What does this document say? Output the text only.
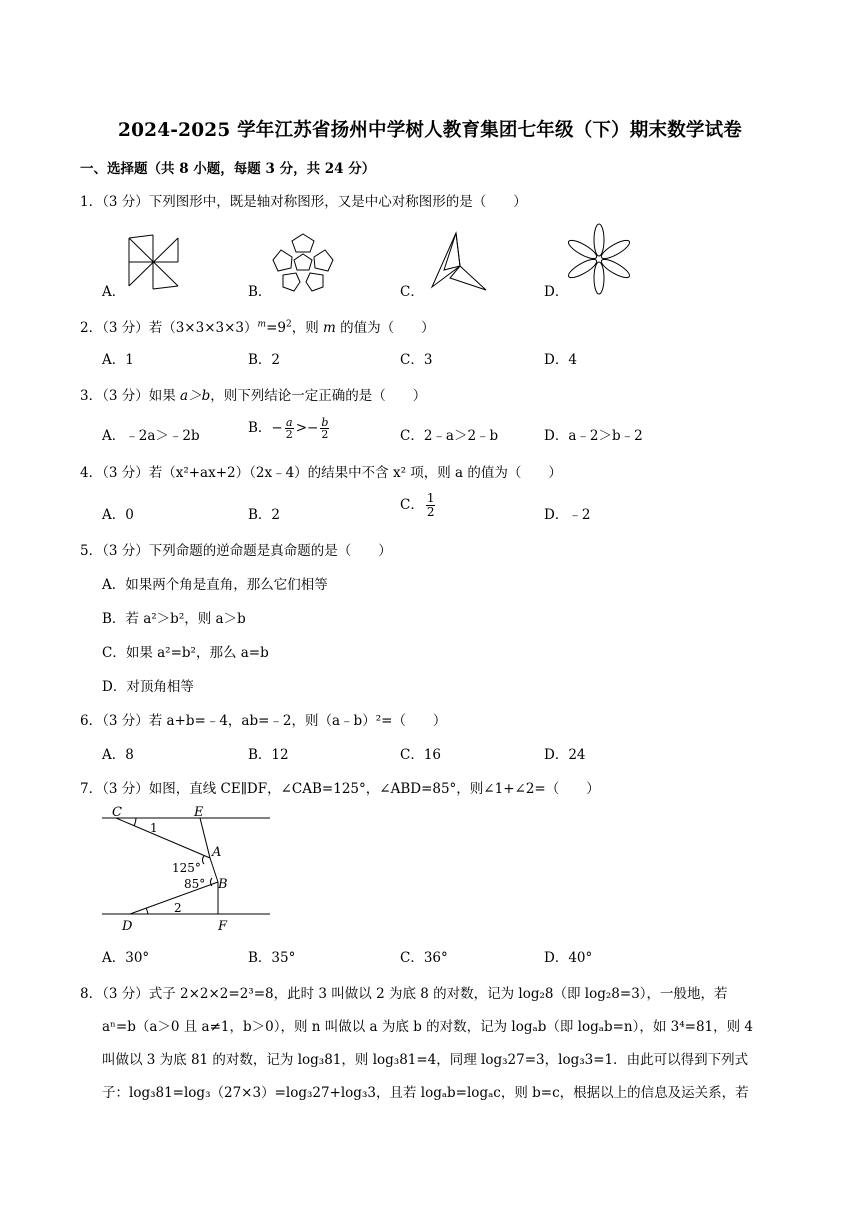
2024-2025 学年江苏省扬州中学树人教育集团七年级（下）期末数学试卷
一、选择题（共 8 小题，每题 3 分，共 24 分）
1．（3 分）下列图形中，既是轴对称图形，又是中心对称图形的是（　　）
A．	B．	C．	D．
2．（3 分）若$(3\times 3\times 3\times 3)^m=9^2$，则 m 的值为（　　）
A．1	B．2	C．3	D．4
3．（3 分）如果 a＞b，则下列结论一定正确的是（　　）
A．﹣2a＞﹣2b	B．− $\frac{a}{2} >- \frac{b}{2}$	C．2﹣a＞2﹣b	D．a﹣2＞b﹣2
4．（3 分）若（x²+ax+2）（2x﹣4）的结果中不含 x² 项，则 a 的值为（　　）
A．0	B．2
C． $\frac{1}{2}$	D．﹣2
5．（3 分）下列命题的逆命题是真命题的是（　　）
A．如果两个角是直角，那么它们相等
B．若 a²＞b²，则 a＞b
C．如果 a²=b²，那么 a=b
D．对顶角相等
6．（3 分）若 a+b=﹣4，ab=﹣2，则（a﹣b）²=（　　）
A．8	B．12	C．16	D．24
7．（3 分）如图，直线 CE∥DF，∠CAB=125°，∠ABD=85°，则∠1+∠2=（　　）
C	E
1
A
125°
85° B
D
2
F
A．30°	B．35°	C．36°	D．40°
8．（3 分）式子 2×2×2=2³=8，此时 3 叫做以 2 为底 8 的对数，记为 log₂8（即 log₂8=3），一般地，若
aⁿ=b（a＞0 且 a≠1，b＞0），则 n 叫做以 a 为底 b 的对数，记为 logₐb（即 logₐb=n），如 3⁴=81，则 4
叫做以 3 为底 81 的对数，记为 log₃81，则 log₃81=4，同理 log₃27=3，log₃3=1．由此可以得到下列式
子：log₃81=log₃（27×3）=log₃27+log₃3，且若 logₐb=logₐc，则 b=c，根据以上的信息及运关系，若
